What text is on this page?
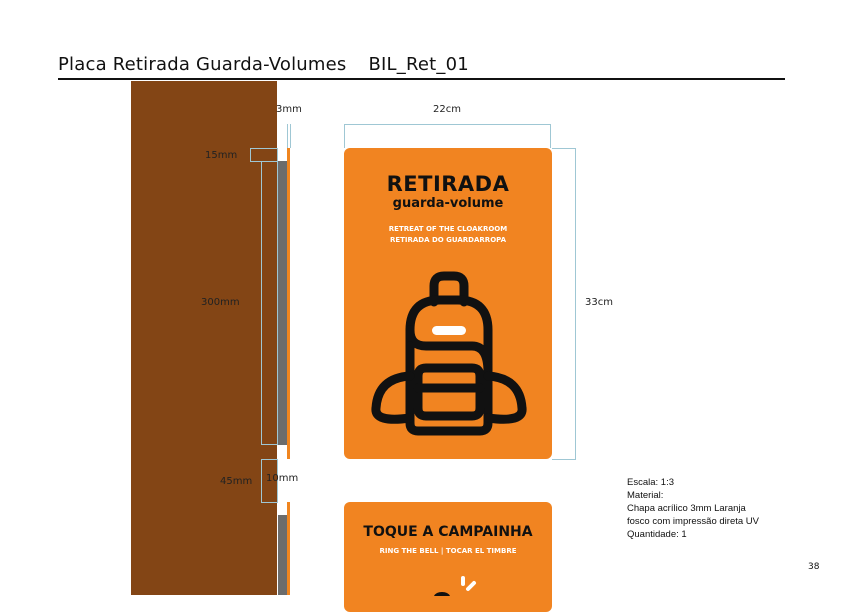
Placa Retirada Guarda-Volumes BIL_Ret_01
3mm
15mm
300mm
45mm 10mm
22cm
33cm
RETIRADA
guarda-volume
RETREAT OF THE CLOAKROOM
RETIRADA DO GUARDARROPA
TOQUE A CAMPAINHA
RING THE BELL | TOCAR EL TIMBRE
Escala: 1:3
Material:
Chapa acrílico 3mm Laranja
fosco com impressão direta UV
Quantidade: 1
38
